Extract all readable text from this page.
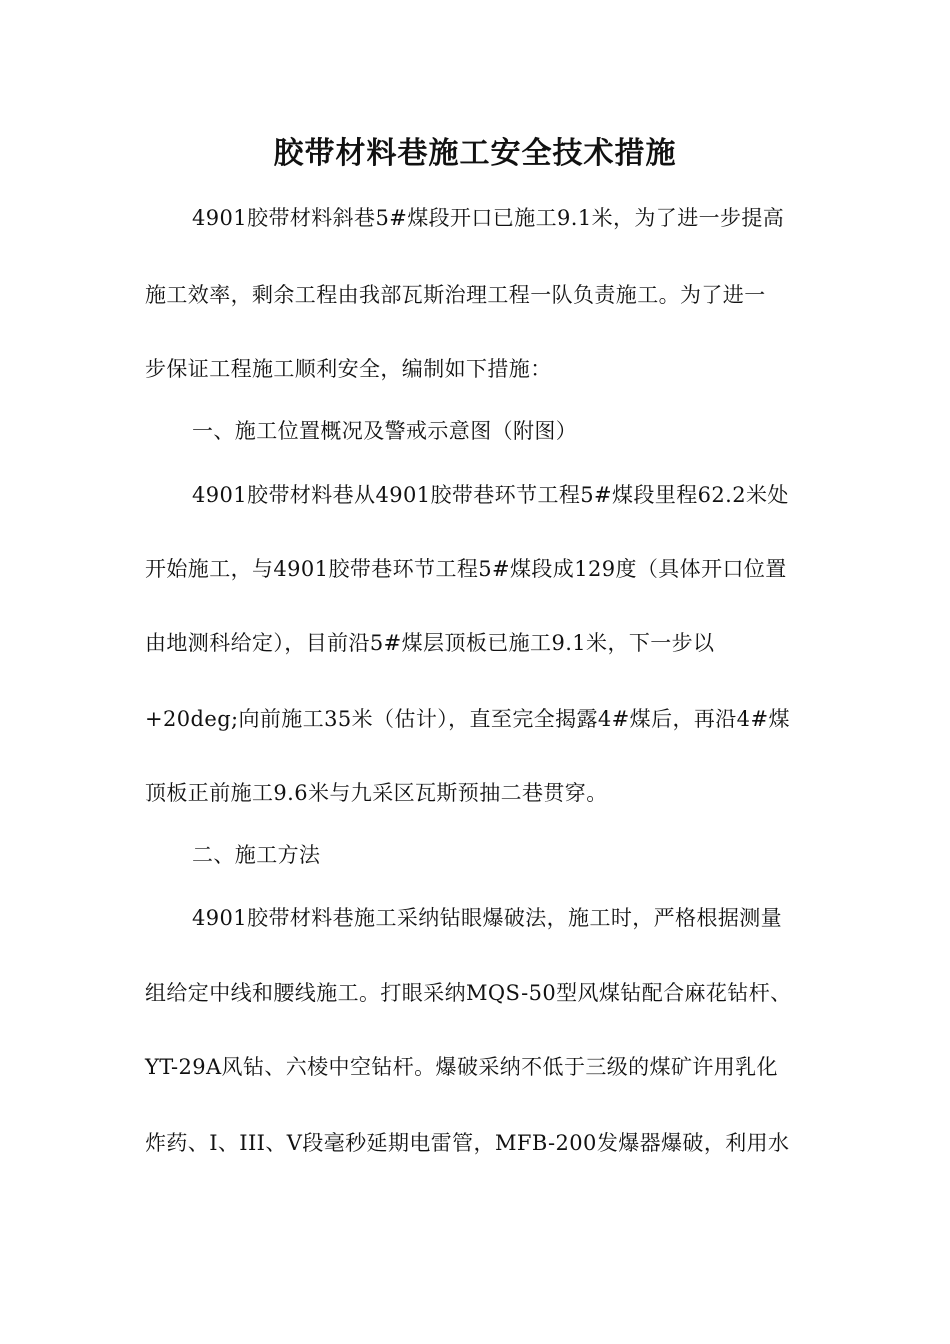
胶带材料巷施工安全技术措施
4901胶带材料斜巷5#煤段开口已施工9.1米，为了进一步提高
施工效率，剩余工程由我部瓦斯治理工程一队负责施工。为了进一
步保证工程施工顺利安全，编制如下措施：
一、施工位置概况及警戒示意图（附图）
4901胶带材料巷从4901胶带巷环节工程5#煤段里程62.2米处
开始施工，与4901胶带巷环节工程5#煤段成129度（具体开口位置
由地测科给定），目前沿5#煤层顶板已施工9.1米，下一步以
+20deg;向前施工35米（估计），直至完全揭露4#煤后，再沿4#煤
顶板正前施工9.6米与九采区瓦斯预抽二巷贯穿。
二、施工方法
4901胶带材料巷施工采纳钻眼爆破法，施工时，严格根据测量
组给定中线和腰线施工。打眼采纳MQS-50型风煤钻配合麻花钻杆、
YT-29A风钻、六棱中空钻杆。爆破采纳不低于三级的煤矿许用乳化
炸药、I、III、V段毫秒延期电雷管，MFB-200发爆器爆破，利用水
